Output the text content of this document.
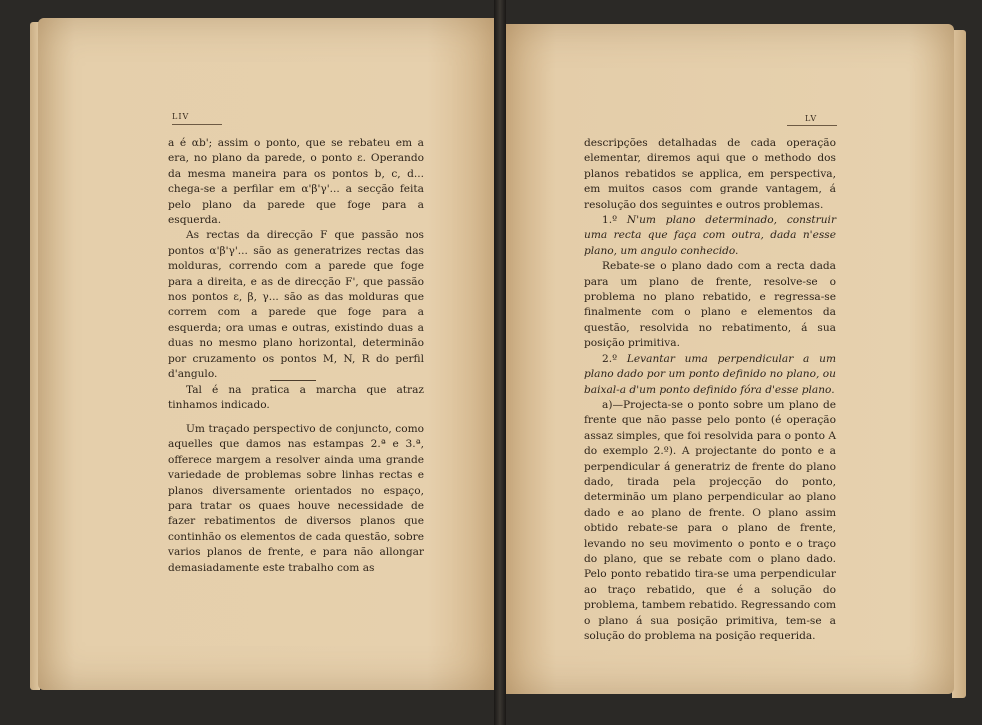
LIV

a é αb'; assim o ponto, que se rebateu em a era, no plano da parede, o ponto ε. Operando da mesma maneira para os pontos b, c, d... chega-se a perfilar em α'β'γ'... a secção feita pelo plano da parede que foge para a esquerda.

As rectas da direcção F que passão nos pontos α'β'γ'... são as generatrizes rectas das molduras, correndo com a parede que foge para a direita, e as de direcção F', que passão nos pontos ε, β, γ... são as das molduras que correm com a parede que foge para a esquerda; ora umas e outras, existindo duas a duas no mesmo plano horizontal, determinão por cruzamento os pontos M, N, R do perfil d'angulo.

Tal é na pratica a marcha que atraz tinhamos indicado.

Um traçado perspectivo de conjuncto, como aquelles que damos nas estampas 2.ª e 3.ª, offerece margem a resolver ainda uma grande variedade de problemas sobre linhas rectas e planos diversamente orientados no espaço, para tratar os quaes houve necessidade de fazer rebatimentos de diversos planos que continhão os elementos de cada questão, sobre varios planos de frente, e para não allongar demasiadamente este trabalho com as

LV

descripções detalhadas de cada operação elementar, diremos aqui que o methodo dos planos rebatidos se applica, em perspectiva, em muitos casos com grande vantagem, á resolução dos seguintes e outros problemas.

1.º N'um plano determinado, construir uma recta que faça com outra, dada n'esse plano, um angulo conhecido.

Rebate-se o plano dado com a recta dada para um plano de frente, resolve-se o problema no plano rebatido, e regressa-se finalmente com o plano e elementos da questão, resolvida no rebatimento, á sua posição primitiva.

2.º Levantar uma perpendicular a um plano dado por um ponto definido no plano, ou baixal-a d'um ponto definido fóra d'esse plano.

a)—Projecta-se o ponto sobre um plano de frente que não passe pelo ponto (é operação assaz simples, que foi resolvida para o ponto A do exemplo 2.º). A projectante do ponto e a perpendicular á generatriz de frente do plano dado, tirada pela projecção do ponto, determinão um plano perpendicular ao plano dado e ao plano de frente. O plano assim obtido rebate-se para o plano de frente, levando no seu movimento o ponto e o traço do plano, que se rebate com o plano dado. Pelo ponto rebatido tira-se uma perpendicular ao traço rebatido, que é a solução do problema, tambem rebatido. Regressando com o plano á sua posição primitiva, tem-se a solução do problema na posição requerida.
